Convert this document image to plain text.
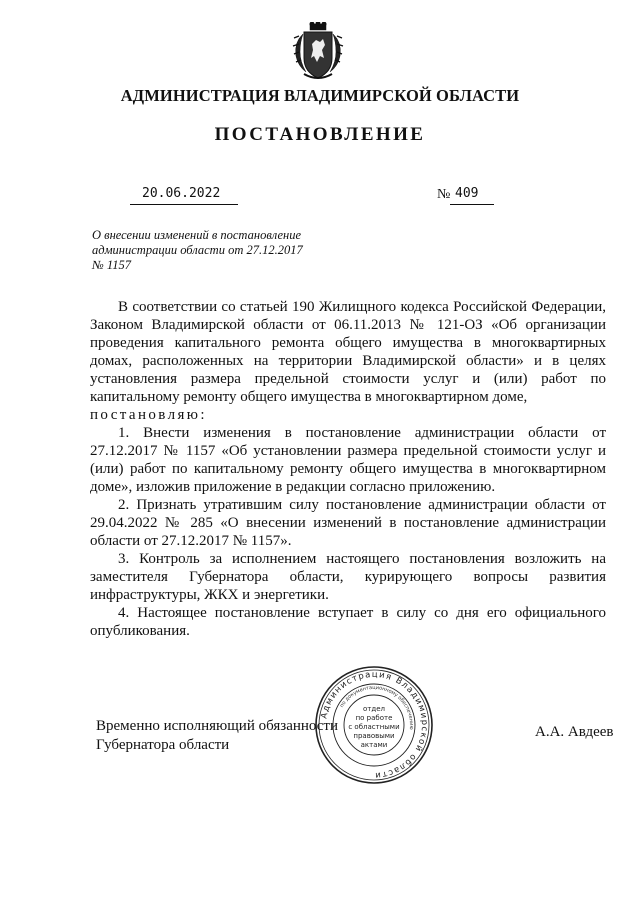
АДМИНИСТРАЦИЯ ВЛАДИМИРСКОЙ ОБЛАСТИ
ПОСТАНОВЛЕНИЕ
20.06.2022	№ 409
О внесении изменений в постановление
администрации области от 27.12.2017
№ 1157

В соответствии со статьей 190 Жилищного кодекса Российской Федерации, Законом Владимирской области от 06.11.2013 № 121-ОЗ «Об организации проведения капитального ремонта общего имущества в многоквартирных домах, расположенных на территории Владимирской области» и в целях установления размера предельной стоимости услуг и (или) работ по капитальному ремонту общего имущества в многоквартирном доме,

постановляю:

1. Внести изменения в постановление администрации области от 27.12.2017 № 1157 «Об установлении размера предельной стоимости услуг и (или) работ по капитальному ремонту общего имущества в многоквартирном доме», изложив приложение в редакции согласно приложению.

2. Признать утратившим силу постановление администрации области от 29.04.2022 № 285 «О внесении изменений в постановление администрации области от 27.12.2017 № 1157».

3. Контроль за исполнением настоящего постановления возложить на заместителя Губернатора области, курирующего вопросы развития инфраструктуры, ЖКХ и энергетики.

4. Настоящее постановление вступает в силу со дня его официального опубликования.

Временно исполняющий обязанности
Губернатора области
А.А. Авдеев
Администрация Владимирской области
по документационному обеспечению
отдел
по работе
с областными
правовыми
актами
